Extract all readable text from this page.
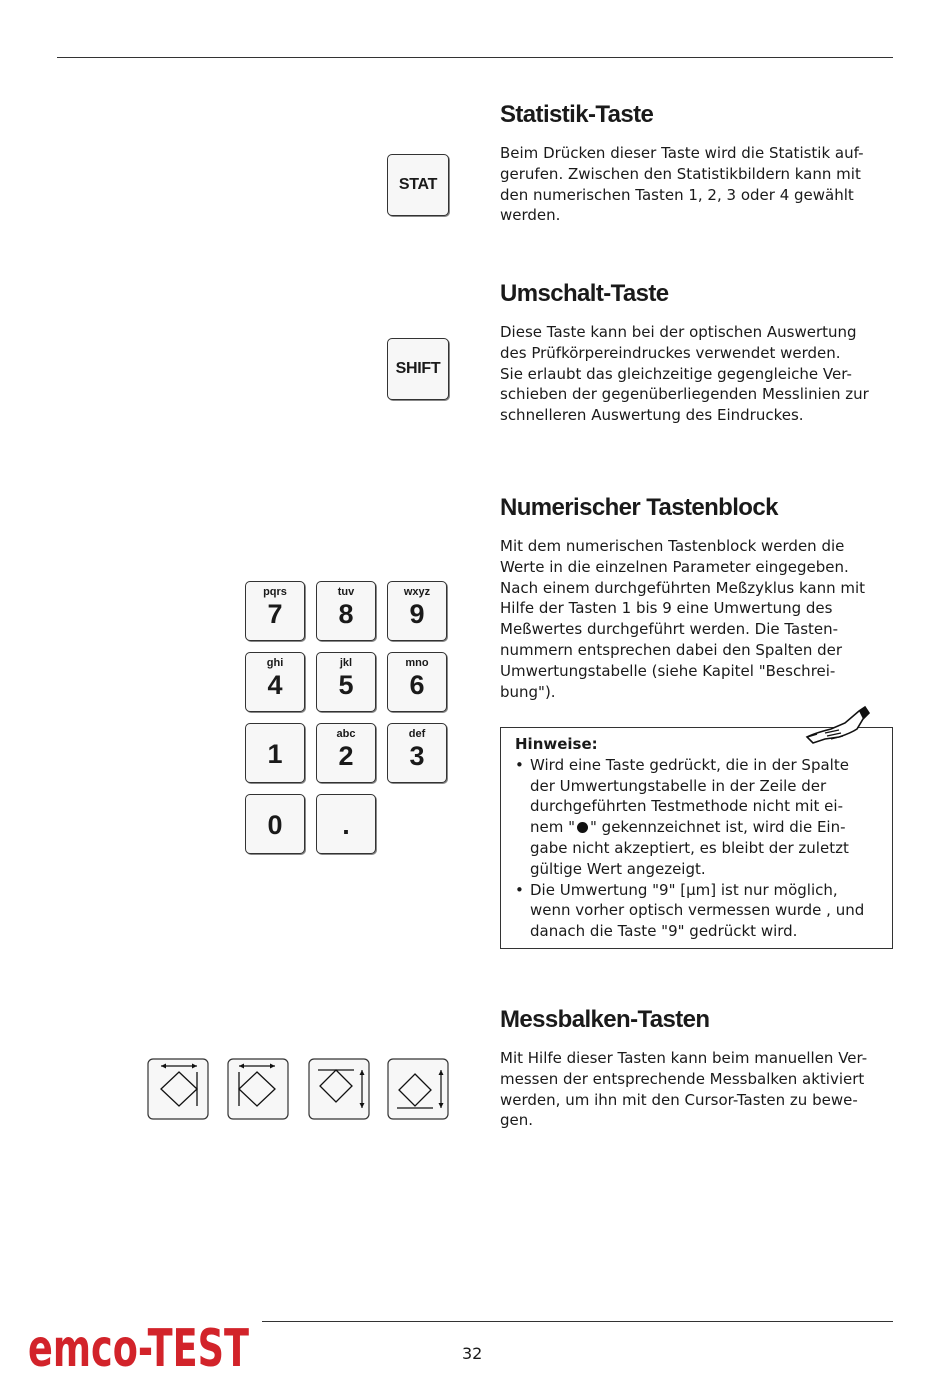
STAT
Statistik-Taste

Beim Drücken dieser Taste wird die Statistik auf-
gerufen. Zwischen den Statistikbildern kann mit
den numerischen Tasten 1, 2, 3 oder 4 gewählt
werden.

SHIFT
Umschalt-Taste

Diese Taste kann bei der optischen Auswertung
des Prüfkörpereindruckes verwendet werden.
Sie erlaubt das gleichzeitige gegengleiche Ver-
schieben der gegenüberliegenden Messlinien zur
schnelleren Auswertung des Eindruckes.

Numerischer Tastenblock

Mit dem numerischen Tastenblock werden die
Werte in die einzelnen Parameter eingegeben.
Nach einem durchgeführten Meßzyklus kann mit
Hilfe der Tasten 1 bis 9 eine Umwertung des
Meßwertes durchgeführt werden. Die Tasten-
nummern entsprechen dabei den Spalten der
Umwertungstabelle (siehe Kapitel "Beschrei-
bung").

pqrs
7
tuv
8
wxyz
9
ghi
4
jkl
5
mno
6
1
abc
2
def
3
0	.
Hinweise:
• Wird eine Taste gedrückt, die in der Spalte
der Umwertungstabelle in der Zeile der
durchgeführten Testmethode nicht mit ei-
nem " " gekennzeichnet ist, wird die Ein-
gabe nicht akzeptiert, es bleibt der zuletzt
gültige Wert angezeigt.
• Die Umwertung "9" [µm] ist nur möglich,
wenn vorher optisch vermessen wurde , und
danach die Taste "9" gedrückt wird.
Messbalken-Tasten

Mit Hilfe dieser Tasten kann beim manuellen Ver-
messen der entsprechende Messbalken aktiviert
werden, um ihn mit den Cursor-Tasten zu bewe-
gen.

emco-TEST	32
